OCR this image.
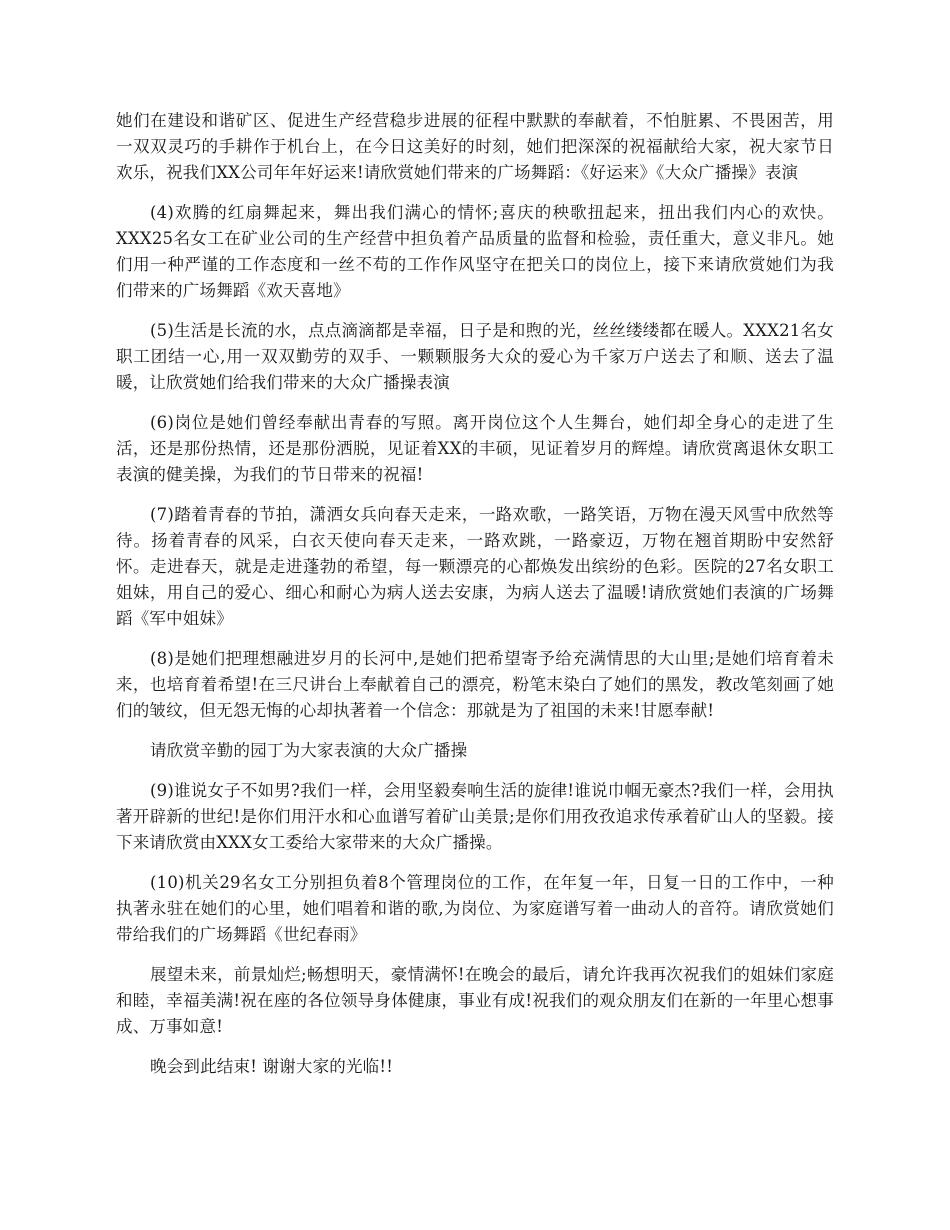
她们在建设和谐矿区、促进生产经营稳步进展的征程中默默的奉献着，不怕脏累、不畏困苦，用一双双灵巧的手耕作于机台上，在今日这美好的时刻，她们把深深的祝福献给大家，祝大家节日欢乐，祝我们XX公司年年好运来!请欣赏她们带来的广场舞蹈：《好运来》《大众广播操》表演

(4)欢腾的红扇舞起来，舞出我们满心的情怀;喜庆的秧歌扭起来，扭出我们内心的欢快。XXX25名女工在矿业公司的生产经营中担负着产品质量的监督和检验，责任重大，意义非凡。她们用一种严谨的工作态度和一丝不苟的工作作风坚守在把关口的岗位上，接下来请欣赏她们为我们带来的广场舞蹈《欢天喜地》

(5)生活是长流的水，点点滴滴都是幸福，日子是和煦的光，丝丝缕缕都在暖人。XXX21名女职工团结一心,用一双双勤劳的双手、一颗颗服务大众的爱心为千家万户送去了和顺、送去了温暖，让欣赏她们给我们带来的大众广播操表演

(6)岗位是她们曾经奉献出青春的写照。离开岗位这个人生舞台，她们却全身心的走进了生活，还是那份热情，还是那份洒脱，见证着XX的丰硕，见证着岁月的辉煌。请欣赏离退休女职工表演的健美操，为我们的节日带来的祝福!

(7)踏着青春的节拍，潇洒女兵向春天走来，一路欢歌，一路笑语，万物在漫天风雪中欣然等待。扬着青春的风采，白衣天使向春天走来，一路欢跳，一路豪迈，万物在翘首期盼中安然舒怀。走进春天，就是走进蓬勃的希望，每一颗漂亮的心都焕发出缤纷的色彩。医院的27名女职工姐妹，用自己的爱心、细心和耐心为病人送去安康，为病人送去了温暖!请欣赏她们表演的广场舞蹈《军中姐妹》

(8)是她们把理想融进岁月的长河中,是她们把希望寄予给充满情思的大山里;是她们培育着未来，也培育着希望!在三尺讲台上奉献着自己的漂亮，粉笔末染白了她们的黑发，教改笔刻画了她们的皱纹，但无怨无悔的心却执著着一个信念：那就是为了祖国的未来!甘愿奉献!

请欣赏辛勤的园丁为大家表演的大众广播操

(9)谁说女子不如男?我们一样，会用坚毅奏响生活的旋律!谁说巾帼无豪杰?我们一样，会用执著开辟新的世纪!是你们用汗水和心血谱写着矿山美景;是你们用孜孜追求传承着矿山人的坚毅。接下来请欣赏由XXX女工委给大家带来的大众广播操。

(10)机关29名女工分别担负着8个管理岗位的工作，在年复一年，日复一日的工作中，一种执著永驻在她们的心里，她们唱着和谐的歌,为岗位、为家庭谱写着一曲动人的音符。请欣赏她们带给我们的广场舞蹈《世纪春雨》

展望未来，前景灿烂;畅想明天，豪情满怀!在晚会的最后，请允许我再次祝我们的姐妹们家庭和睦，幸福美满!祝在座的各位领导身体健康，事业有成!祝我们的观众朋友们在新的一年里心想事成、万事如意!

晚会到此结束! 谢谢大家的光临!!
